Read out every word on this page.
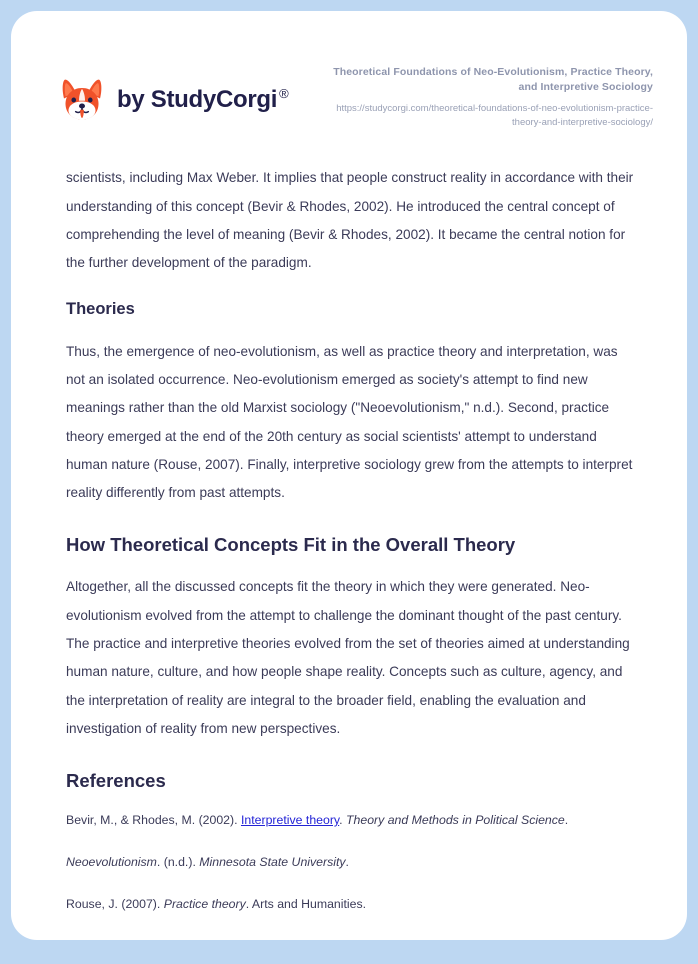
by StudyCorgi ®
Theoretical Foundations of Neo-Evolutionism, Practice Theory, and Interpretive Sociology
https://studycorgi.com/theoretical-foundations-of-neo-evolutionism-practice-theory-and-interpretive-sociology/

scientists, including Max Weber. It implies that people construct reality in accordance with their understanding of this concept (Bevir & Rhodes, 2002). He introduced the central concept of comprehending the level of meaning (Bevir & Rhodes, 2002). It became the central notion for the further development of the paradigm.

Theories

Thus, the emergence of neo-evolutionism, as well as practice theory and interpretation, was not an isolated occurrence. Neo-evolutionism emerged as society's attempt to find new meanings rather than the old Marxist sociology ("Neoevolutionism," n.d.). Second, practice theory emerged at the end of the 20th century as social scientists' attempt to understand human nature (Rouse, 2007). Finally, interpretive sociology grew from the attempts to interpret reality differently from past attempts.

How Theoretical Concepts Fit in the Overall Theory

Altogether, all the discussed concepts fit the theory in which they were generated. Neo-evolutionism evolved from the attempt to challenge the dominant thought of the past century. The practice and interpretive theories evolved from the set of theories aimed at understanding human nature, culture, and how people shape reality. Concepts such as culture, agency, and the interpretation of reality are integral to the broader field, enabling the evaluation and investigation of reality from new perspectives.

References
Bevir, M., & Rhodes, M. (2002). Interpretive theory. Theory and Methods in Political Science.
Neoevolutionism. (n.d.). Minnesota State University.
Rouse, J. (2007). Practice theory. Arts and Humanities.
